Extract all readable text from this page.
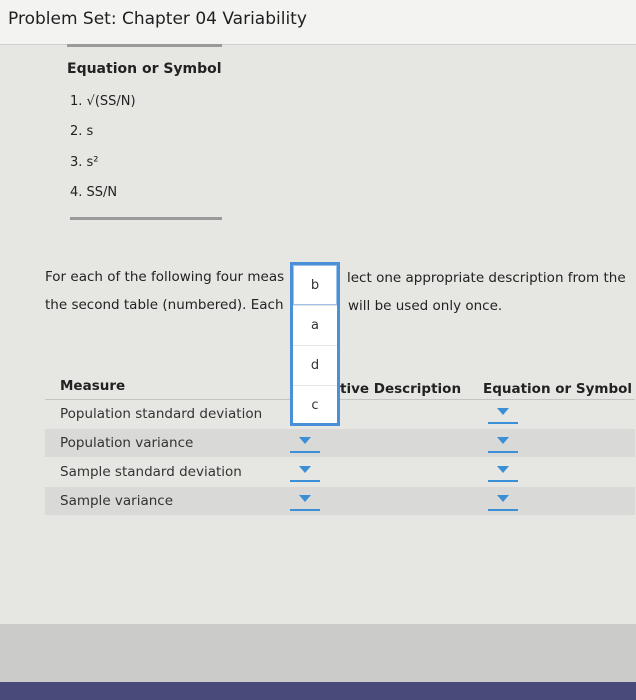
Problem Set: Chapter 04 Variability
Equation or Symbol
1. √(SS/N)
2. s
3. s²
4. SS/N
For each of the following four meas	lect one appropriate description from the
the second table (numbered). Each	will be used only once.
Measure	tive Description Equation or Symbol
Population standard deviation
Population variance
Sample standard deviation
Sample variance
b
a
d
c
